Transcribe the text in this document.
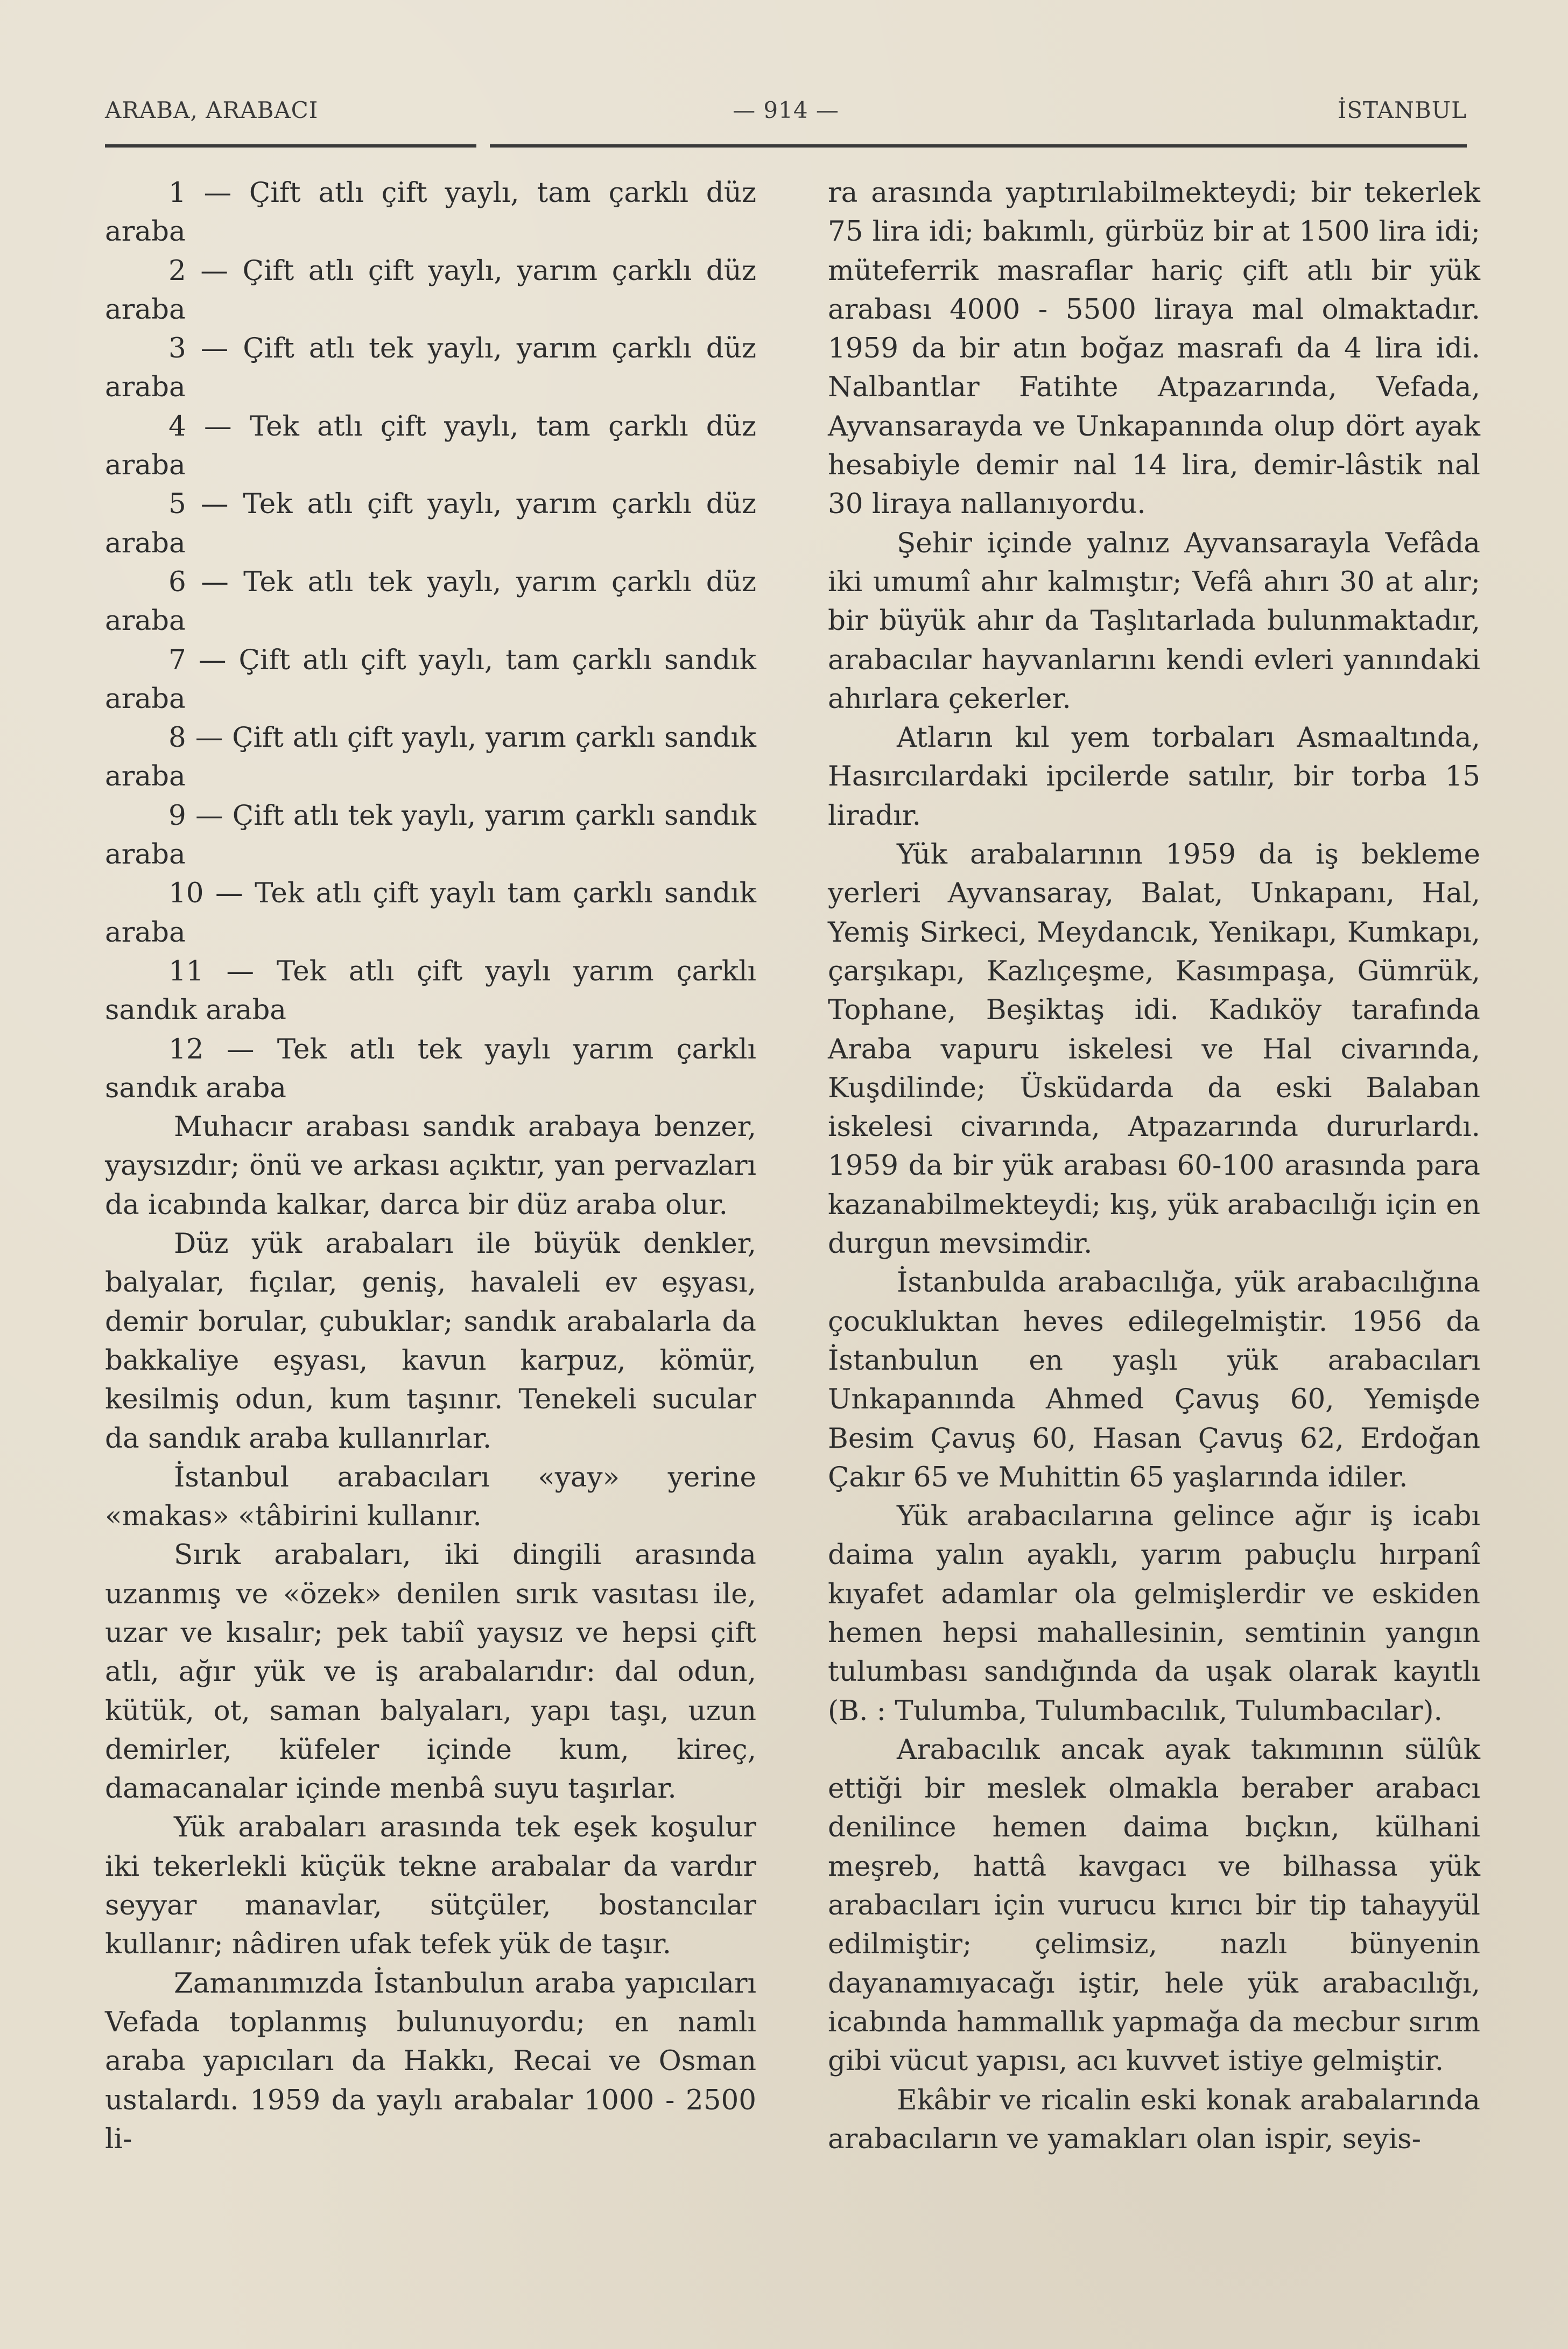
ARABA, ARABACI	— 914 —	İSTANBUL

1 — Çift atlı çift yaylı, tam çarklı düz araba

2 — Çift atlı çift yaylı, yarım çarklı düz araba

3 — Çift atlı tek yaylı, yarım çarklı düz araba

4 — Tek atlı çift yaylı, tam çarklı düz araba

5 — Tek atlı çift yaylı, yarım çarklı düz araba

6 — Tek atlı tek yaylı, yarım çarklı düz araba

7 — Çift atlı çift yaylı, tam çarklı sandık araba

8 — Çift atlı çift yaylı, yarım çarklı sandık araba

9 — Çift atlı tek yaylı, yarım çarklı sandık araba

10 — Tek atlı çift yaylı tam çarklı sandık araba

11 — Tek atlı çift yaylı yarım çarklı sandık araba

12 — Tek atlı tek yaylı yarım çarklı sandık araba

Muhacır arabası sandık arabaya benzer, yaysızdır; önü ve arkası açıktır, yan pervazları da icabında kalkar, darca bir düz araba olur.

Düz yük arabaları ile büyük denkler, balyalar, fıçılar, geniş, havaleli ev eşyası, demir borular, çubuklar; sandık arabalarla da bakkaliye eşyası, kavun karpuz, kömür, kesilmiş odun, kum taşınır. Tenekeli sucular da sandık araba kullanırlar.

İstanbul arabacıları «yay» yerine «makas» «tâbirini kullanır.

Sırık arabaları, iki dingili arasında uzanmış ve «özek» denilen sırık vasıtası ile, uzar ve kısalır; pek tabiî yaysız ve hepsi çift atlı, ağır yük ve iş arabalarıdır: dal odun, kütük, ot, saman balyaları, yapı taşı, uzun demirler, küfeler içinde kum, kireç, damacanalar içinde menbâ suyu taşırlar.

Yük arabaları arasında tek eşek koşulur iki tekerlekli küçük tekne arabalar da vardır seyyar manavlar, sütçüler, bostancılar kullanır; nâdiren ufak tefek yük de taşır.

Zamanımızda İstanbulun araba yapıcıları Vefada toplanmış bulunuyordu; en namlı araba yapıcıları da Hakkı, Recai ve Osman ustalardı. 1959 da yaylı arabalar 1000 - 2500 li-

ra arasında yaptırılabilmekteydi; bir tekerlek 75 lira idi; bakımlı, gürbüz bir at 1500 lira idi; müteferrik masraflar hariç çift atlı bir yük arabası 4000 - 5500 liraya mal olmaktadır. 1959 da bir atın boğaz masrafı da 4 lira idi. Nalbantlar Fatihte Atpazarında, Vefada, Ayvansarayda ve Unkapanında olup dört ayak hesabiyle demir nal 14 lira, demir-lâstik nal 30 liraya nallanıyordu.

Şehir içinde yalnız Ayvansarayla Vefâda iki umumî ahır kalmıştır; Vefâ ahırı 30 at alır; bir büyük ahır da Taşlıtarlada bulunmaktadır, arabacılar hayvanlarını kendi evleri yanındaki ahırlara çekerler.

Atların kıl yem torbaları Asmaaltında, Hasırcılardaki ipcilerde satılır, bir torba 15 liradır.

Yük arabalarının 1959 da iş bekleme yerleri Ayvansaray, Balat, Unkapanı, Hal, Yemiş Sirkeci, Meydancık, Yenikapı, Kumkapı, çarşıkapı, Kazlıçeşme, Kasımpaşa, Gümrük, Tophane, Beşiktaş idi. Kadıköy tarafında Araba vapuru iskelesi ve Hal civarında, Kuşdilinde; Üsküdarda da eski Balaban iskelesi civarında, Atpazarında dururlardı. 1959 da bir yük arabası 60-100 arasında para kazanabilmekteydi; kış, yük arabacılığı için en durgun mevsimdir.

İstanbulda arabacılığa, yük arabacılığına çocukluktan heves edilegelmiştir. 1956 da İstanbulun en yaşlı yük arabacıları Unkapanında Ahmed Çavuş 60, Yemişde Besim Çavuş 60, Hasan Çavuş 62, Erdoğan Çakır 65 ve Muhittin 65 yaşlarında idiler.

Yük arabacılarına gelince ağır iş icabı daima yalın ayaklı, yarım pabuçlu hırpanî kıyafet adamlar ola gelmişlerdir ve eskiden hemen hepsi mahallesinin, semtinin yangın tulumbası sandığında da uşak olarak kayıtlı (B. : Tulumba, Tulumbacılık, Tulumbacılar).

Arabacılık ancak ayak takımının sülûk ettiği bir meslek olmakla beraber arabacı denilince hemen daima bıçkın, külhani meşreb, hattâ kavgacı ve bilhassa yük arabacıları için vurucu kırıcı bir tip tahayyül edilmiştir; çelimsiz, nazlı bünyenin dayanamıyacağı iştir, hele yük arabacılığı, icabında hammallık yapmağa da mecbur sırım gibi vücut yapısı, acı kuvvet istiye gelmiştir.

Ekâbir ve ricalin eski konak arabalarında arabacıların ve yamakları olan ispir, seyis-
